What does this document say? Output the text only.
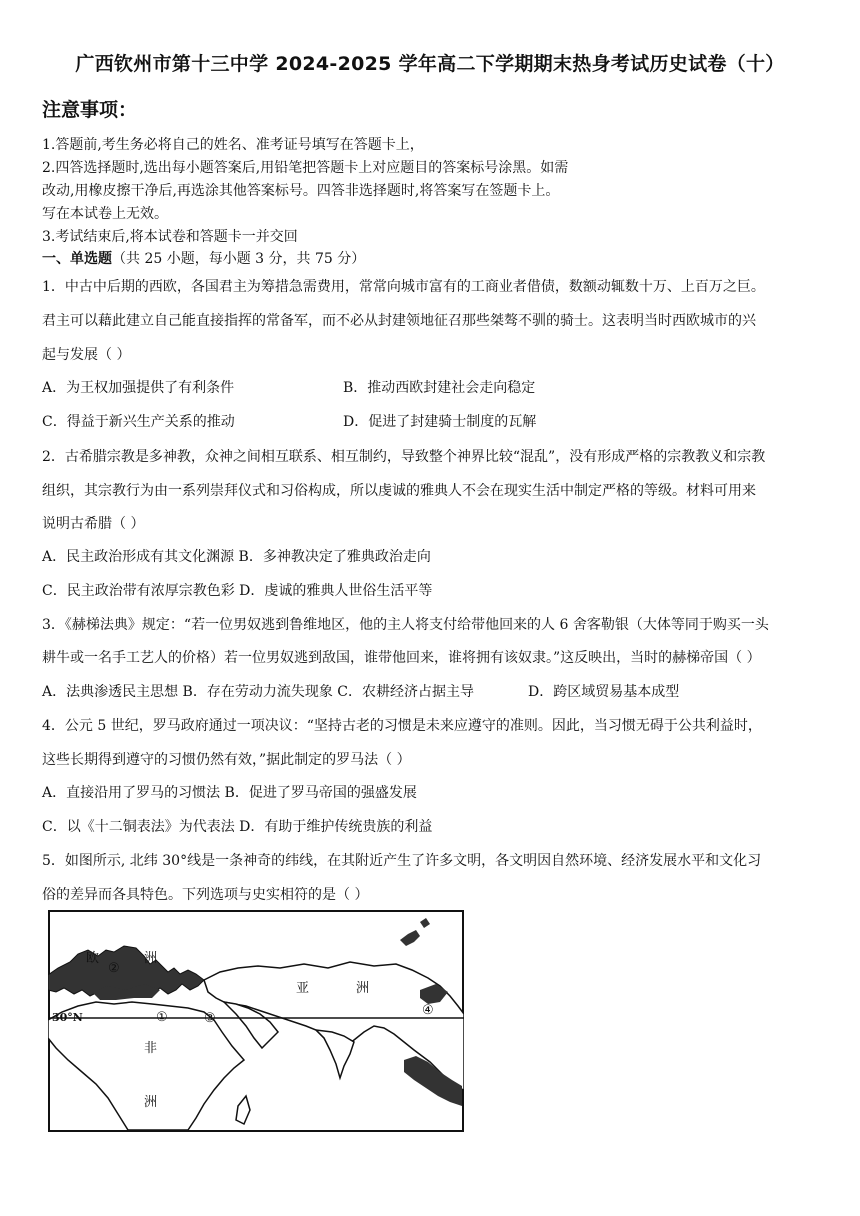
广西钦州市第十三中学 2024-2025 学年高二下学期期末热身考试历史试卷（十）
注意事项：
1.答题前,考生务必将自己的姓名、准考证号填写在答题卡上，
2.四答选择题时,选出每小题答案后,用铅笔把答题卡上对应题目的答案标号涂黑。如需
改动,用橡皮擦干净后,再选涂其他答案标号。四答非选择题时,将答案写在签题卡上。
写在本试卷上无效。
3.考试结束后,将本试卷和答题卡一并交回
一、单选题（共 25 小题，每小题 3 分，共 75 分）
1．中古中后期的西欧，各国君主为筹措急需费用，常常向城市富有的工商业者借债，数额动辄数十万、上百万之巨。
君主可以藉此建立自己能直接指挥的常备军，而不必从封建领地征召那些桀骜不驯的骑士。这表明当时西欧城市的兴
起与发展（ ）
A．为王权加强提供了有利条件	B．推动西欧封建社会走向稳定
C．得益于新兴生产关系的推动	D．促进了封建骑士制度的瓦解
2．古希腊宗教是多神教，众神之间相互联系、相互制约，导致整个神界比较“混乱”，没有形成严格的宗教教义和宗教
组织，其宗教行为由一系列崇拜仪式和习俗构成，所以虔诚的雅典人不会在现实生活中制定严格的等级。材料可用来
说明古希腊（ ）
A．民主政治形成有其文化渊源 B．多神教决定了雅典政治走向
C．民主政治带有浓厚宗教色彩 D．虔诚的雅典人世俗生活平等
3．《赫梯法典》规定：“若一位男奴逃到鲁维地区，他的主人将支付给带他回来的人 6 舍客勒银（大体等同于购买一头
耕牛或一名手工艺人的价格）若一位男奴逃到敌国，谁带他回来，谁将拥有该奴隶。”这反映出，当时的赫梯帝国（ ）
A．法典渗透民主思想 B．存在劳动力流失现象 C．农耕经济占据主导	D．跨区域贸易基本成型
4．公元 5 世纪，罗马政府通过一项决议：“坚持古老的习惯是未来应遵守的准则。因此，当习惯无碍于公共利益时，
这些长期得到遵守的习惯仍然有效，”据此制定的罗马法（ ）
A．直接沿用了罗马的习惯法 B．促进了罗马帝国的强盛发展
C．以《十二铜表法》为代表法 D．有助于维护传统贵族的利益
5．如图所示, 北纬 30°线是一条神奇的纬线，在其附近产生了许多文明，各文明因自然环境、经济发展水平和文化习
俗的差异而各具特色。下列选项与史实相符的是（ ）
欧	洲
亚	洲
非
洲
30°N	①
②
③
④
